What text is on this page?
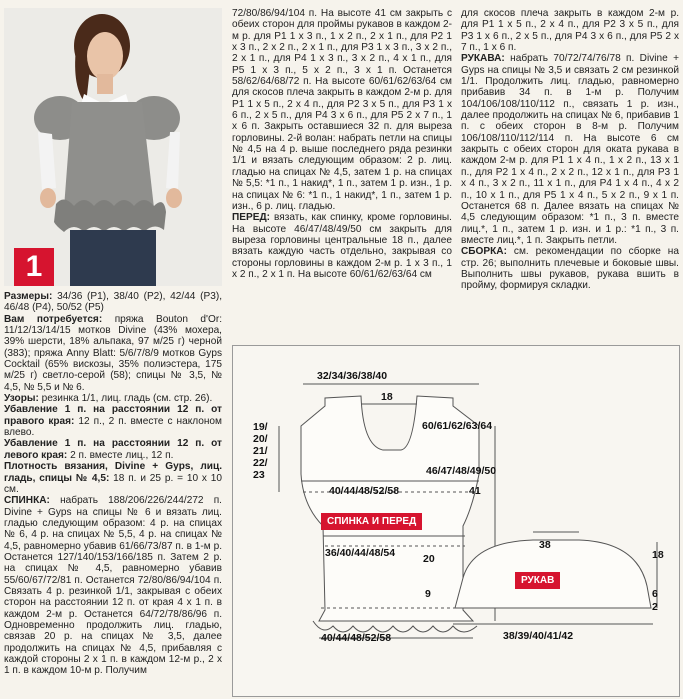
1

Размеры: 34/36 (Р1), 38/40 (Р2), 42/44 (Р3), 46/48 (Р4), 50/52 (Р5)

Вам потребуется: пряжа Bouton d'Or: 11/12/13/14/15 мотков Divine (43% мохера, 39% шерсти, 18% альпака, 97 м/25 г) черной (383); пряжа Anny Blatt: 5/6/7/8/9 мотков Gyps Cocktail (65% вискозы, 35% полиэстера, 175 м/25 г) светло-серой (58); спицы № 3,5, № 4,5, № 5,5 и № 6.

Узоры: резинка 1/1, лиц. гладь (см. стр. 26).

Убавление 1 п. на расстоянии 12 п. от правого края: 12 п., 2 п. вместе с наклоном влево.

Убавление 1 п. на расстоянии 12 п. от левого края: 2 п. вместе лиц., 12 п.

Плотность вязания, Divine + Gyps, лиц. гладь, спицы № 4,5: 18 п. и 25 р. = 10 x 10 см.

СПИНКА: набрать 188/206/226/244/272 п. Divine + Gyps на спицы № 6 и вязать лиц. гладью следующим образом: 4 р. на спицах № 6, 4 р. на спицах № 5,5, 4 р. на спицах № 4,5, равномерно убавив 61/66/73/87 п. в 1-м р. Останется 127/140/153/166/185 п. Затем 2 р. на спицах № 4,5, равномерно убавив 55/60/67/72/81 п. Останется 72/80/86/94/104 п. Связать 4 р. резинкой 1/1, закрывая с обеих сторон на расстоянии 12 п. от края 4 x 1 п. в каждом 2-м р. Останется 64/72/78/86/96 п. Одновременно продолжить лиц. гладью, связав 20 р. на спицах № 3,5, далее продолжить на спицах № 4,5, прибавляя с каждой стороны 2 x 1 п. в каждом 12-м р., 2 x 1 п. в каждом 10-м р. Получим

72/80/86/94/104 п. На высоте 41 см закрыть с обеих сторон для проймы рукавов в каждом 2-м р. для Р1 1 x 3 п., 1 x 2 п., 2 x 1 п., для Р2 1 x 3 п., 2 x 2 п., 2 x 1 п., для Р3 1 x 3 п., 3 x 2 п., 2 x 1 п., для Р4 1 x 3 п., 3 x 2 п., 4 x 1 п., для Р5 1 x 3 п., 5 x 2 п., 3 x 1 п. Останется 58/62/64/68/72 п. На высоте 60/61/62/63/64 см для скосов плеча закрыть в каждом 2-м р. для Р1 1 x 5 п., 2 x 4 п., для Р2 3 x 5 п., для Р3 1 x 6 п., 2 x 5 п., для Р4 3 x 6 п., для Р5 2 x 7 п., 1 x 6 п. Закрыть оставшиеся 32 п. для выреза горловины. 2-й волан: набрать петли на спицы № 4,5 на 4 р. выше последнего ряда резинки 1/1 и вязать следующим образом: 2 р. лиц. гладью на спицах № 4,5, затем 1 р. на спицах № 5,5: *1 п., 1 накид*, 1 п., затем 1 р. изн., 1 р. на спицах № 6: *1 п., 1 накид*, 1 п., затем 1 р. изн., 6 р. лиц. гладью.

ПЕРЕД: вязать, как спинку, кроме горловины. На высоте 46/47/48/49/50 см закрыть для выреза горловины центральные 18 п., далее вязать каждую часть отдельно, закрывая со стороны горловины в каждом 2-м р. 1 x 3 п., 1 x 2 п., 2 x 1 п. На высоте 60/61/62/63/64 см

для скосов плеча закрыть в каждом 2-м р. для Р1 1 x 5 п., 2 x 4 п., для Р2 3 x 5 п., для Р3 1 x 6 п., 2 x 5 п., для Р4 3 x 6 п., для Р5 2 x 7 п., 1 x 6 п.

РУКАВА: набрать 70/72/74/76/78 п. Divine + Gyps на спицы № 3,5 и связать 2 см резинкой 1/1. Продолжить лиц. гладью, равномерно прибавив 34 п. в 1-м р. Получим 104/106/108/110/112 п., связать 1 р. изн., далее продолжить на спицах № 6, прибавив 1 п. с обеих сторон в 8-м р. Получим 106/108/110/112/114 п. На высоте 6 см закрыть с обеих сторон для оката рукава в каждом 2-м р. для Р1 1 x 4 п., 1 x 2 п., 13 x 1 п., для Р2 1 x 4 п., 2 x 2 п., 12 x 1 п., для Р3 1 x 4 п., 3 x 2 п., 11 x 1 п., для Р4 1 x 4 п., 4 x 2 п., 10 x 1 п., для Р5 1 x 4 п., 5 x 2 п., 9 x 1 п. Останется 68 п. Далее вязать на спицах № 4,5 следующим образом: *1 п., 3 п. вместе лиц.*, 1 п., затем 1 р. изн. и 1 р.: *1 п., 3 п. вместе лиц.*, 1 п. Закрыть петли.

СБОРКА: см. рекомендации по сборке на стр. 26; выполнить плечевые и боковые швы. Выполнить швы рукавов, рукава вшить в пройму, формируя складки.

32/34/36/38/40
18
60/61/62/63/64
46/47/48/49/50
41
19/
20/
21/
22/
23
40/44/48/52/58
СПИНКА И ПЕРЕД
36/40/44/48/54	20
9
40/44/48/52/58
38
РУКАВ
18
6
2
38/39/40/41/42
